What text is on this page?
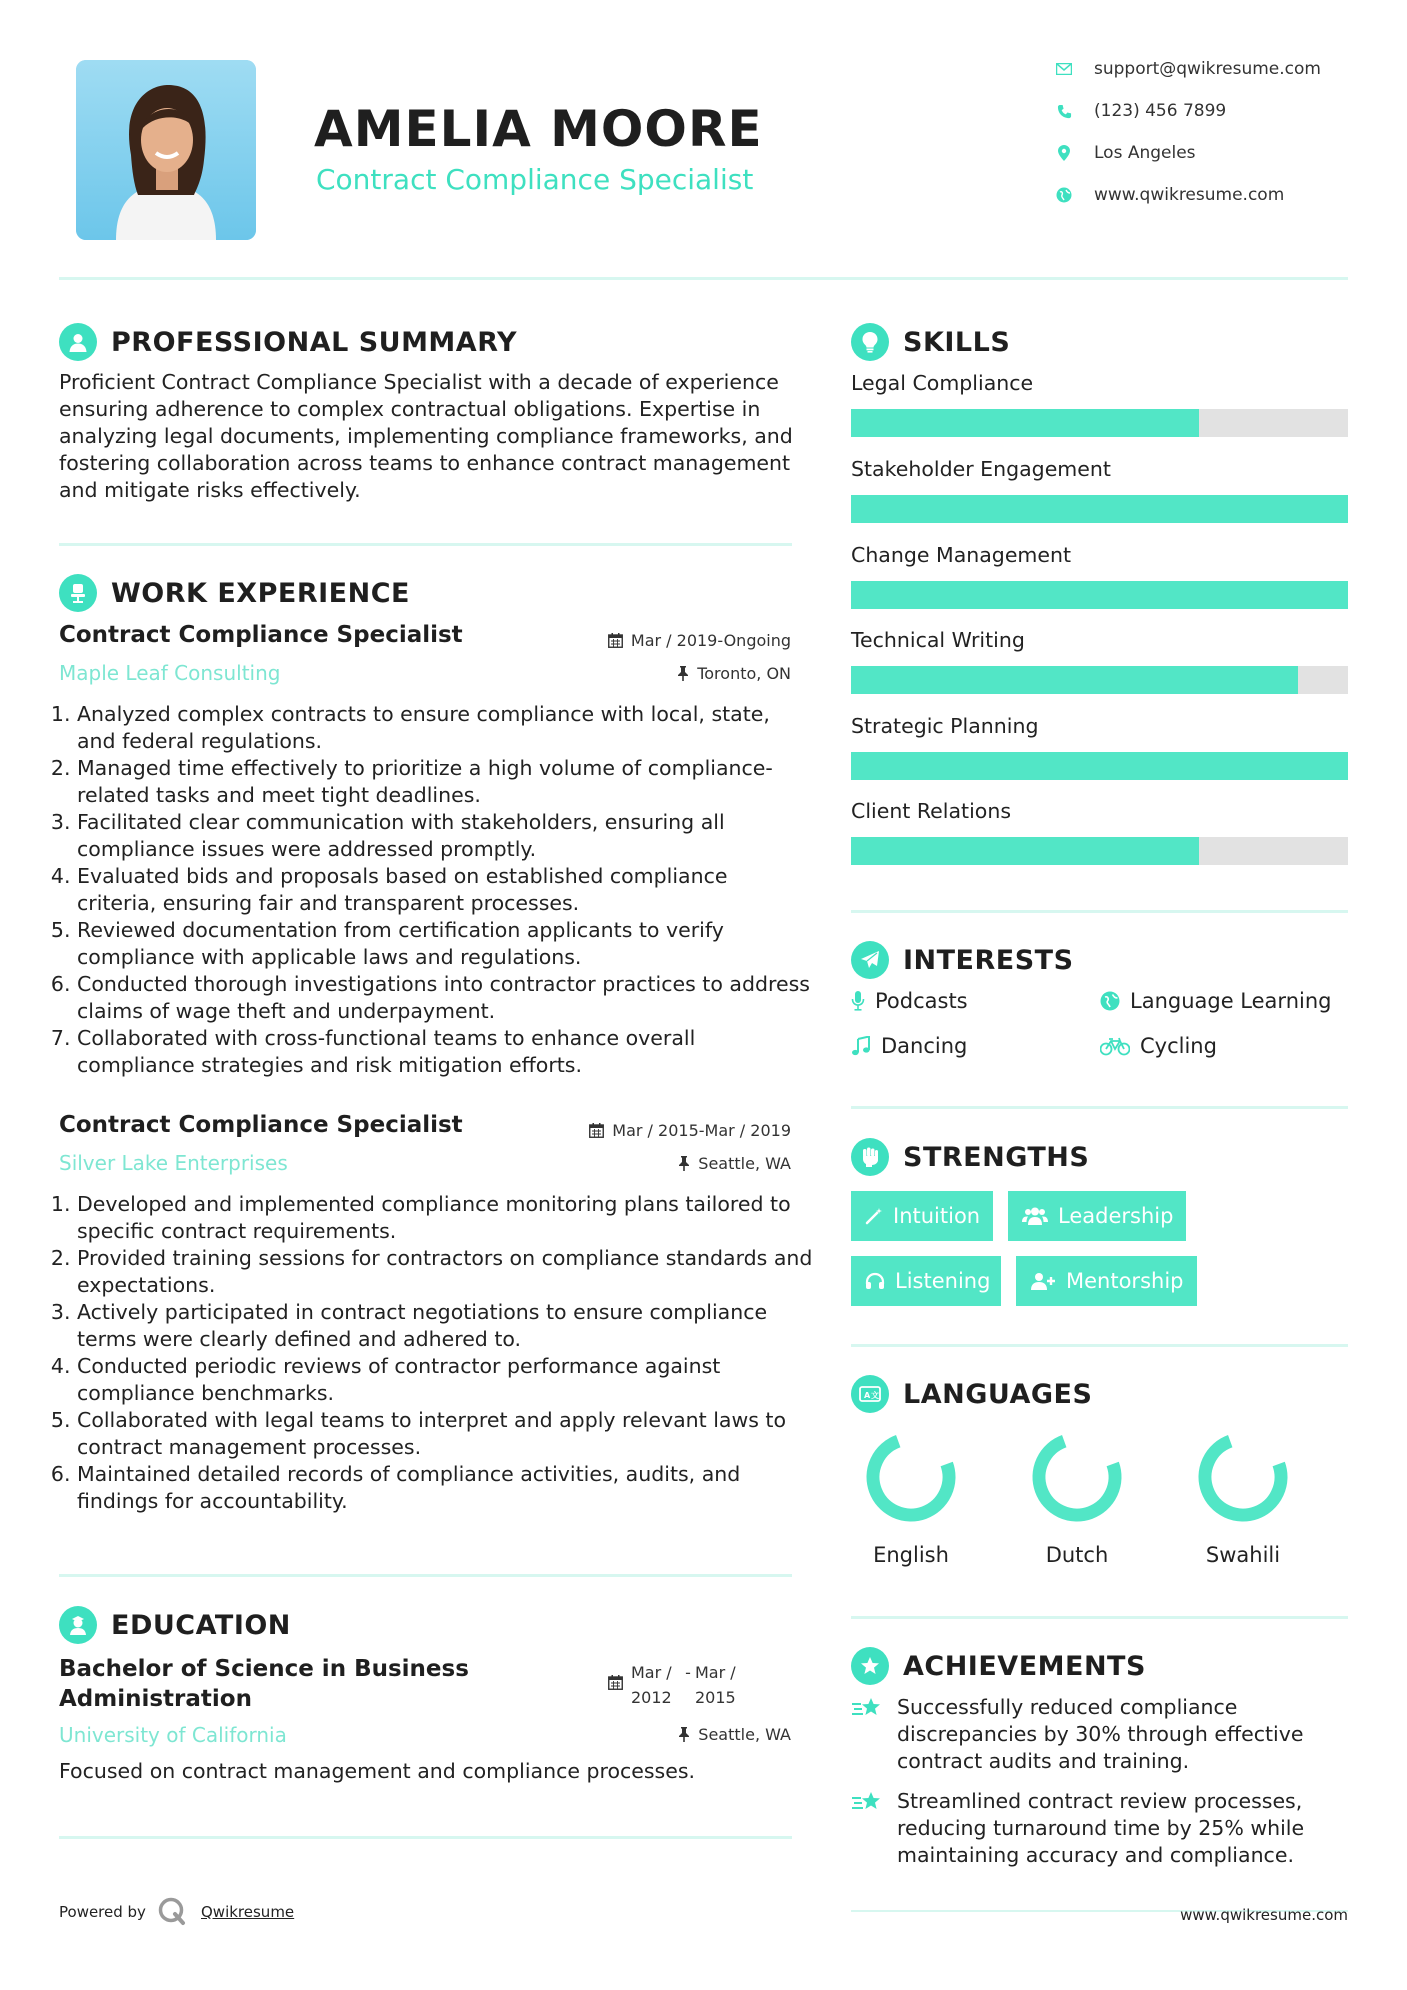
AMELIA MOORE
Contract Compliance Specialist
support@qwikresume.com
(123) 456 7899
Los Angeles
www.qwikresume.com
PROFESSIONAL SUMMARY
Proficient Contract Compliance Specialist with a decade of experience ensuring adherence to complex contractual obligations. Expertise in analyzing legal documents, implementing compliance frameworks, and fostering collaboration across teams to enhance contract management and mitigate risks effectively.
WORK EXPERIENCE
Contract Compliance Specialist
Maple Leaf Consulting
Mar / 2019-Ongoing
Toronto, ON
1. Analyzed complex contracts to ensure compliance with local, state, and federal regulations.
2. Managed time effectively to prioritize a high volume of compliance-related tasks and meet tight deadlines.
3. Facilitated clear communication with stakeholders, ensuring all compliance issues were addressed promptly.
4. Evaluated bids and proposals based on established compliance criteria, ensuring fair and transparent processes.
5. Reviewed documentation from certification applicants to verify compliance with applicable laws and regulations.
6. Conducted thorough investigations into contractor practices to address claims of wage theft and underpayment.
7. Collaborated with cross-functional teams to enhance overall compliance strategies and risk mitigation efforts.
Contract Compliance Specialist
Silver Lake Enterprises
Mar / 2015-Mar / 2019
Seattle, WA
1. Developed and implemented compliance monitoring plans tailored to specific contract requirements.
2. Provided training sessions for contractors on compliance standards and expectations.
3. Actively participated in contract negotiations to ensure compliance terms were clearly defined and adhered to.
4. Conducted periodic reviews of contractor performance against compliance benchmarks.
5. Collaborated with legal teams to interpret and apply relevant laws to contract management processes.
6. Maintained detailed records of compliance activities, audits, and findings for accountability.
EDUCATION
Bachelor of Science in Business
Administration
University of California
Mar /
2012
- Mar /
2015
Seattle, WA
Focused on contract management and compliance processes.
SKILLS
Legal Compliance
Stakeholder Engagement
Change Management
Technical Writing
Strategic Planning
Client Relations
INTERESTS
Podcasts	Language Learning
Dancing	Cycling
STRENGTHS
Intuition	Leadership
Listening	Mentorship
A 文 LANGUAGES
English	Dutch	Swahili
ACHIEVEMENTS
Successfully reduced compliance discrepancies by 30% through effective contract audits and training.
Streamlined contract review processes, reducing turnaround time by 25% while maintaining accuracy and compliance.
Powered by	Qwikresume	www.qwikresume.com
